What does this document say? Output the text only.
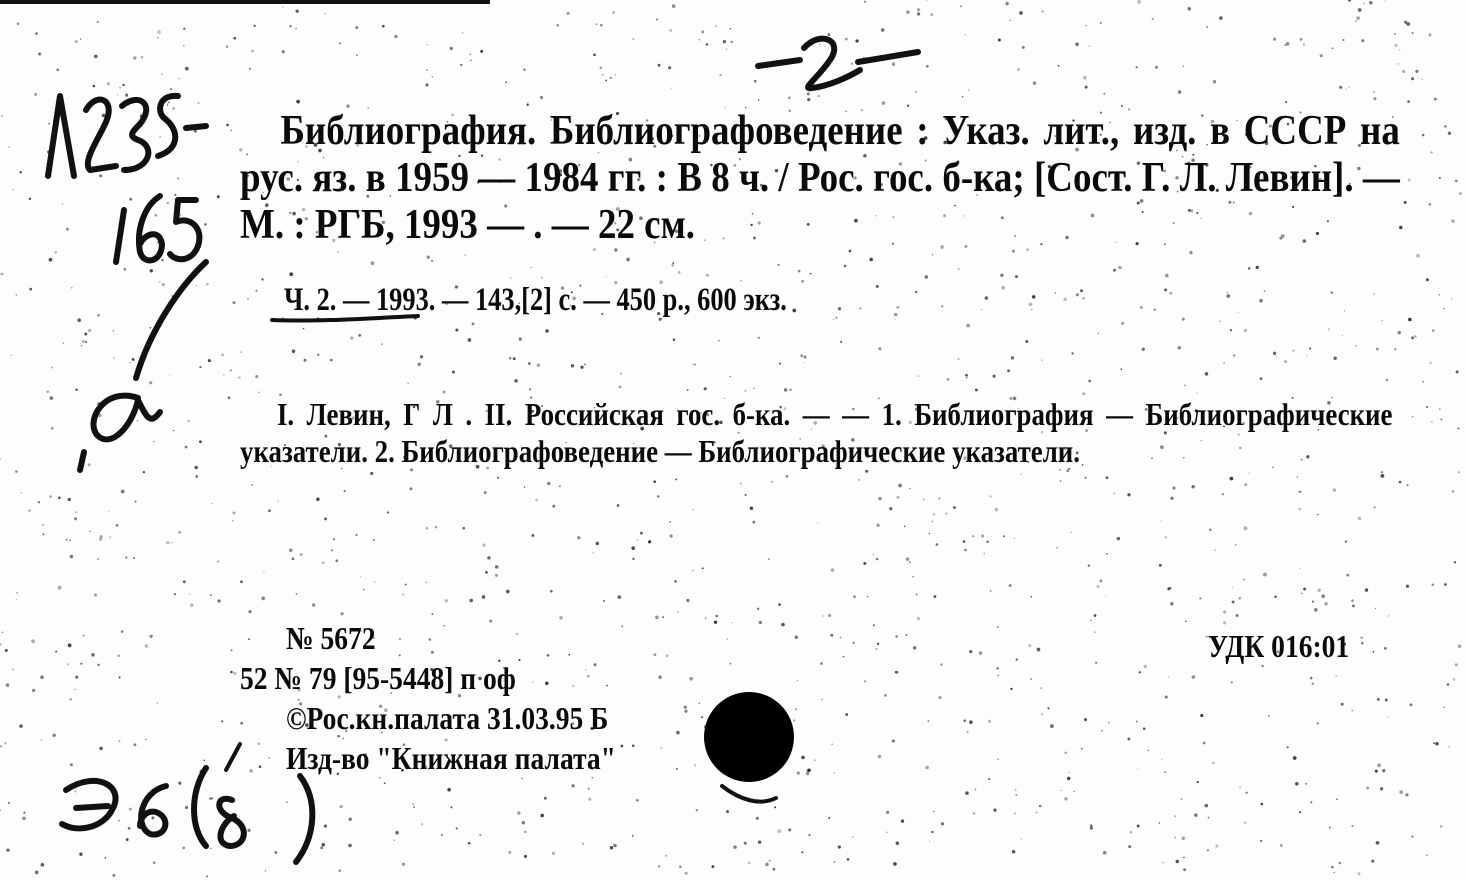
Библиография. Библиографоведение : Указ. лит., изд. в СССР на рус. яз. в 1959 — 1984 гг. : В 8 ч. / Рос. гос. б-ка; [Сост. Г. Л. Левин]. — М. : РГБ, 1993 — . — 22 см.

Ч. 2. — 1993. — 143,[2] с. — 450 р., 600 экз.

I. Левин, Г Л . II. Российская гос. б-ка. — — 1. Библиография — Библиографические указатели. 2. Библиографоведение — Библиографические указатели.

№ 5672	УДК 016:01
52 № 79 [95-5448] п оф
©Рос.кн.палата 31.03.95 Б
Изд-во "Книжная палата"
